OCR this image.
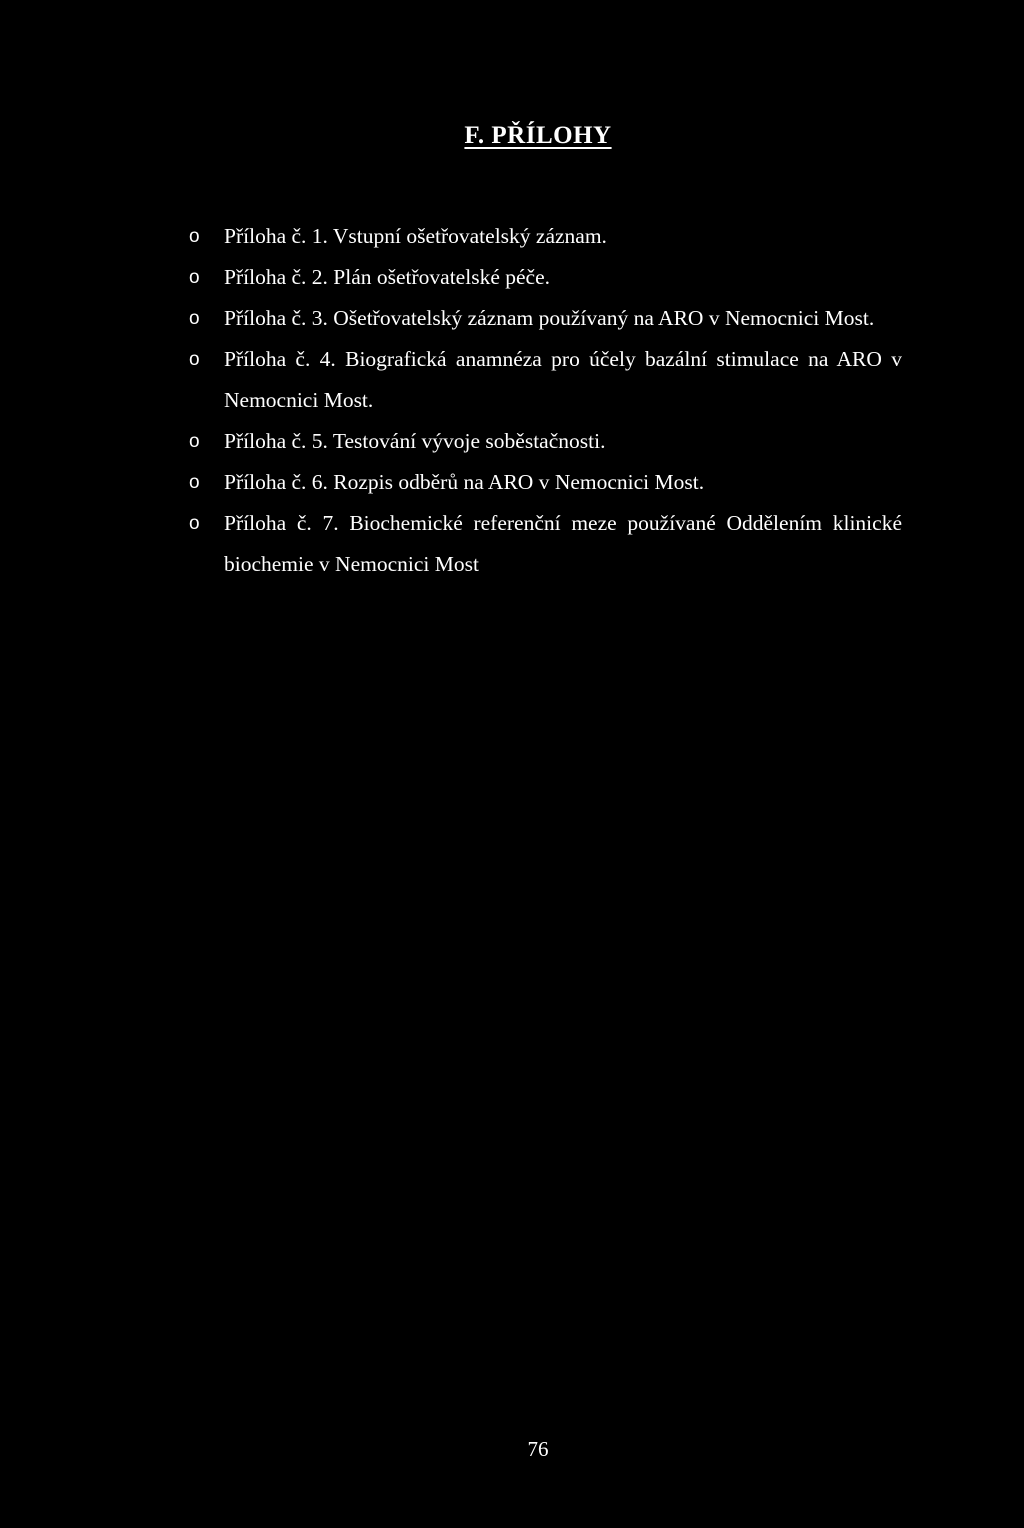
F. PŘÍLOHY
o Příloha č. 1. Vstupní ošetřovatelský záznam.
o Příloha č. 2. Plán ošetřovatelské péče.
o Příloha č. 3. Ošetřovatelský záznam používaný na ARO v Nemocnici Most.
o Příloha č. 4. Biografická anamnéza pro účely bazální stimulace na ARO v Nemocnici Most.
o Příloha č. 5. Testování vývoje soběstačnosti.
o Příloha č. 6. Rozpis odběrů na ARO v Nemocnici Most.
o Příloha č. 7. Biochemické referenční meze používané Oddělením klinické biochemie v Nemocnici Most
76
